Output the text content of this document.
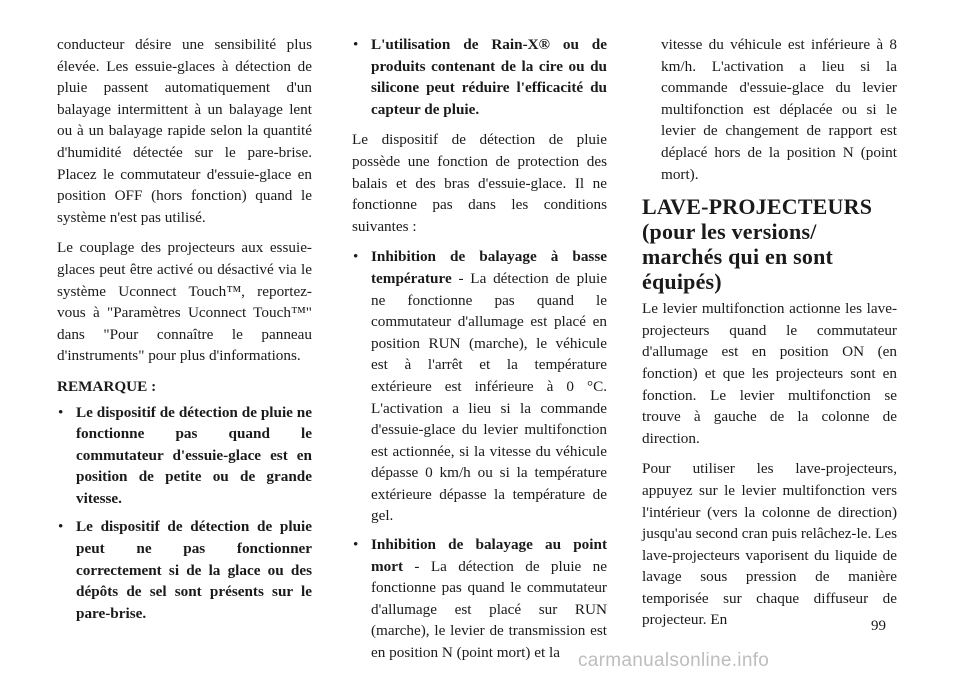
conducteur désire une sensibilité plus élevée. Les essuie-glaces à détection de pluie passent automatiquement d'un balayage intermittent à un balayage lent ou à un balayage rapide selon la quantité d'humidité détectée sur le pare-brise. Placez le commutateur d'essuie-glace en position OFF (hors fonction) quand le système n'est pas utilisé.

Le couplage des projecteurs aux essuie-glaces peut être activé ou désactivé via le système Uconnect Touch™, reportez-vous à "Paramètres Uconnect Touch™" dans "Pour connaître le panneau d'instruments" pour plus d'informations.

REMARQUE :

• Le dispositif de détection de pluie ne fonctionne pas quand le commutateur d'essuie-glace est en position de petite ou de grande vitesse.
• Le dispositif de détection de pluie peut ne pas fonctionner correctement si de la glace ou des dépôts de sel sont présents sur le pare-brise.
• L'utilisation de Rain-X® ou de produits contenant de la cire ou du silicone peut réduire l'efficacité du capteur de pluie.

Le dispositif de détection de pluie possède une fonction de protection des balais et des bras d'essuie-glace. Il ne fonctionne pas dans les conditions suivantes :

• Inhibition de balayage à basse température - La détection de pluie ne fonctionne pas quand le commutateur d'allumage est placé en position RUN (marche), le véhicule est à l'arrêt et la température extérieure est inférieure à 0 °C. L'activation a lieu si la commande d'essuie-glace du levier multifonction est actionnée, si la vitesse du véhicule dépasse 0 km/h ou si la température extérieure dépasse la température de gel.
• Inhibition de balayage au point mort - La détection de pluie ne fonctionne pas quand le commutateur d'allumage est placé sur RUN (marche), le levier de transmission est en position N (point mort) et la

vitesse du véhicule est inférieure à 8 km/h. L'activation a lieu si la commande d'essuie-glace du levier multifonction est déplacée ou si le levier de changement de rapport est déplacé hors de la position N (point mort).

LAVE-PROJECTEURS (pour les versions/ marchés qui en sont équipés)

Le levier multifonction actionne les lave-projecteurs quand le commutateur d'allumage est en position ON (en fonction) et que les projecteurs sont en fonction. Le levier multifonction se trouve à gauche de la colonne de direction.

Pour utiliser les lave-projecteurs, appuyez sur le levier multifonction vers l'intérieur (vers la colonne de direction) jusqu'au second cran puis relâchez-le. Les lave-projecteurs vaporisent du liquide de lavage sous pression de manière temporisée sur chaque diffuseur de projecteur. En	99
carmanualsonline.info
